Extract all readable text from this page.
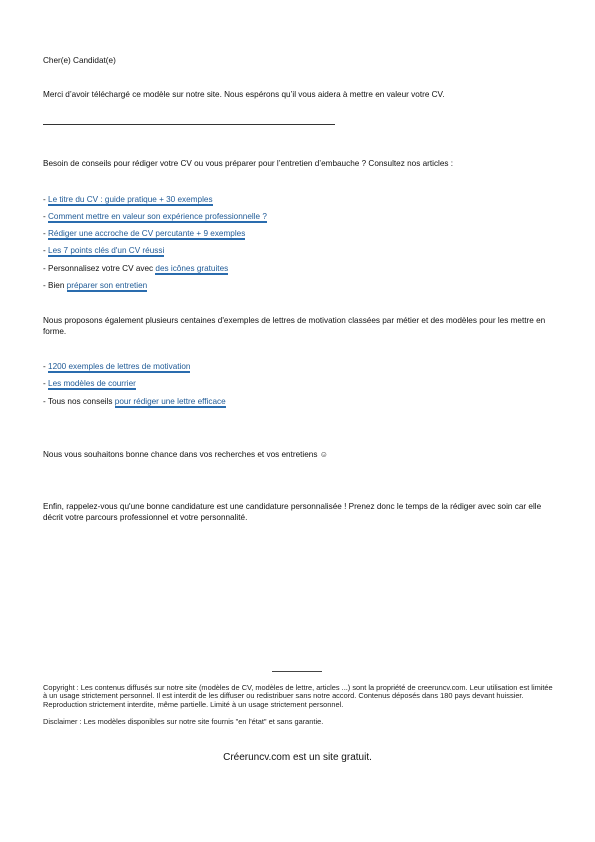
Cher(e) Candidat(e)
Merci d’avoir téléchargé ce modèle sur notre site. Nous espérons qu’il vous aidera à mettre en valeur votre CV.
Besoin de conseils pour rédiger votre CV ou vous préparer pour l’entretien d’embauche ? Consultez nos articles :
- Le titre du CV : guide pratique + 30 exemples
- Comment mettre en valeur son expérience professionnelle ?
- Rédiger une accroche de CV percutante + 9 exemples
- Les 7 points clés d'un CV réussi
- Personnalisez votre CV avec des icônes gratuites
- Bien préparer son entretien
Nous proposons également plusieurs centaines d'exemples de lettres de motivation classées par métier et des modèles pour les mettre en forme.
- 1200 exemples de lettres de motivation
- Les modèles de courrier
- Tous nos conseils pour rédiger une lettre efficace
Nous vous souhaitons bonne chance dans vos recherches et vos entretiens ☺
Enfin, rappelez-vous qu'une bonne candidature est une candidature personnalisée ! Prenez donc le temps de la rédiger avec soin car elle décrit votre parcours professionnel et votre personnalité.
Copyright : Les contenus diffusés sur notre site (modèles de CV, modèles de lettre, articles ...) sont la propriété de creeruncv.com. Leur utilisation est limitée à un usage strictement personnel. Il est interdit de les diffuser ou redistribuer sans notre accord. Contenus déposés dans 180 pays devant huissier. Reproduction strictement interdite, même partielle. Limité à un usage strictement personnel.
Disclaimer : Les modèles disponibles sur notre site fournis "en l'état" et sans garantie.
Créeruncv.com est un site gratuit.
